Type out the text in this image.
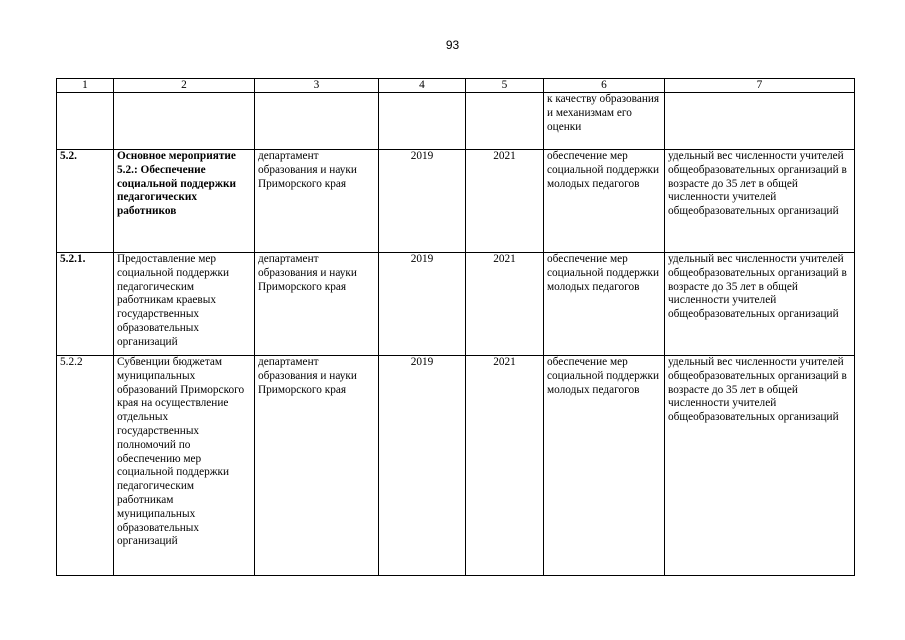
93
1	2	3	4	5	6	7
					к качеству образования и механизмам его оценки	
5.2.	Основное мероприятие 5.2.: Обеспечение социальной поддержки педагогических работников	департамент образования и науки Приморского края	2019	2021	обеспечение мер социальной поддержки молодых педагогов	удельный вес численности учителей общеобразовательных организаций в возрасте до 35 лет в общей численности учителей общеобразовательных организаций
5.2.1.	Предоставление мер социальной поддержки педагогическим работникам краевых государственных образовательных организаций	департамент образования и науки Приморского края	2019	2021	обеспечение мер социальной поддержки молодых педагогов	удельный вес численности учителей общеобразовательных организаций в возрасте до 35 лет в общей численности учителей общеобразовательных организаций
5.2.2	Субвенции бюджетам муниципальных образований Приморского края на осуществление отдельных государственных полномочий по обеспечению мер социальной поддержки педагогическим работникам муниципальных образовательных организаций	департамент образования и науки Приморского края	2019	2021	обеспечение мер социальной поддержки молодых педагогов	удельный вес численности учителей общеобразовательных организаций в возрасте до 35 лет в общей численности учителей общеобразовательных организаций
